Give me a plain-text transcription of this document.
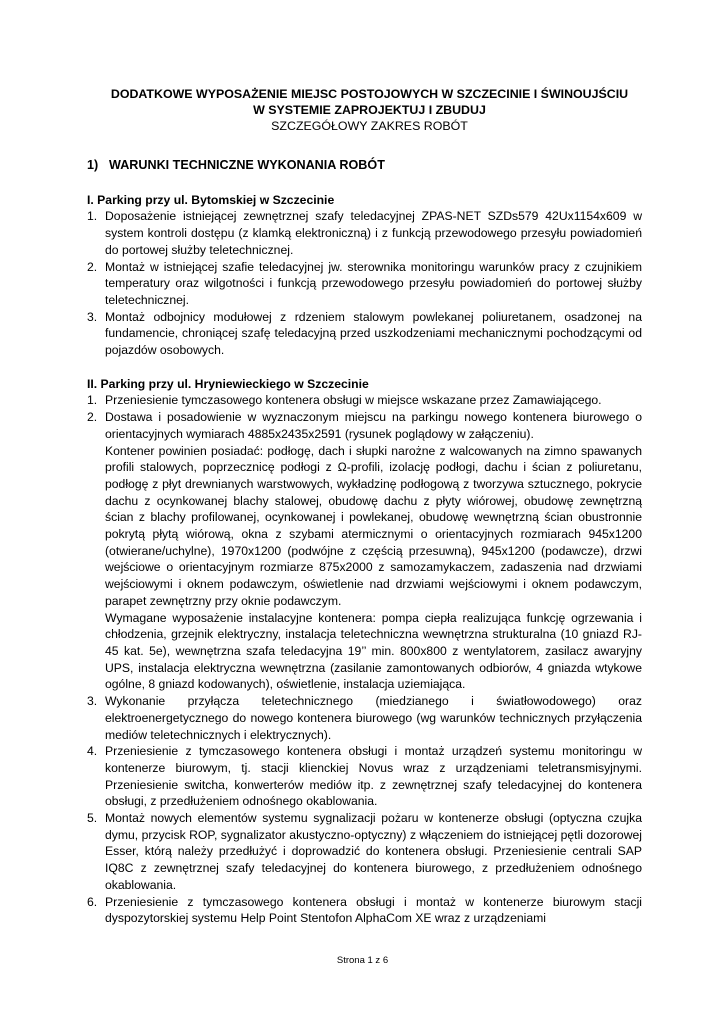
DODATKOWE WYPOSAŻENIE MIEJSC POSTOJOWYCH W SZCZECINIE I ŚWINOUJŚCIU
W SYSTEMIE ZAPROJEKTUJ I ZBUDUJ
SZCZEGÓŁOWY ZAKRES ROBÓT
1) WARUNKI TECHNICZNE WYKONANIA ROBÓT
I. Parking przy ul. Bytomskiej w Szczecinie
1. Doposażenie istniejącej zewnętrznej szafy teledacyjnej ZPAS-NET SZDs579 42Ux1154x609 w system kontroli dostępu (z klamką elektroniczną) i z funkcją przewodowego przesyłu powiadomień do portowej służby teletechnicznej.
2. Montaż w istniejącej szafie teledacyjnej jw. sterownika monitoringu warunków pracy z czujnikiem temperatury oraz wilgotności i funkcją przewodowego przesyłu powiadomień do portowej służby teletechnicznej.
3. Montaż odbojnicy modułowej z rdzeniem stalowym powlekanej poliuretanem, osadzonej na fundamencie, chroniącej szafę teledacyjną przed uszkodzeniami mechanicznymi pochodzącymi od pojazdów osobowych.
II. Parking przy ul. Hryniewieckiego w Szczecinie
1. Przeniesienie tymczasowego kontenera obsługi w miejsce wskazane przez Zamawiającego.
2. Dostawa i posadowienie w wyznaczonym miejscu na parkingu nowego kontenera biurowego o orientacyjnych wymiarach 4885x2435x2591 (rysunek poglądowy w załączeniu).
Kontener powinien posiadać: podłogę, dach i słupki narożne z walcowanych na zimno spawanych profili stalowych, poprzecznicę podłogi z Ω-profili, izolację podłogi, dachu i ścian z poliuretanu, podłogę z płyt drewnianych warstwowych, wykładzinę podłogową z tworzywa sztucznego, pokrycie dachu z ocynkowanej blachy stalowej, obudowę dachu z płyty wiórowej, obudowę zewnętrzną ścian z blachy profilowanej, ocynkowanej i powlekanej, obudowę wewnętrzną ścian obustronnie pokrytą płytą wiórową, okna z szybami atermicznymi o orientacyjnych rozmiarach 945x1200 (otwierane/uchylne), 1970x1200 (podwójne z częścią przesuwną), 945x1200 (podawcze), drzwi wejściowe o orientacyjnym rozmiarze 875x2000 z samozamykaczem, zadaszenia nad drzwiami wejściowymi i oknem podawczym, oświetlenie nad drzwiami wejściowymi i oknem podawczym, parapet zewnętrzny przy oknie podawczym.
Wymagane wyposażenie instalacyjne kontenera: pompa ciepła realizująca funkcję ogrzewania i chłodzenia, grzejnik elektryczny, instalacja teletechniczna wewnętrzna strukturalna (10 gniazd RJ-45 kat. 5e), wewnętrzna szafa teledacyjna 19’’ min. 800x800 z wentylatorem, zasilacz awaryjny UPS, instalacja elektryczna wewnętrzna (zasilanie zamontowanych odbiorów, 4 gniazda wtykowe ogólne, 8 gniazd kodowanych), oświetlenie, instalacja uziemiająca.
3. Wykonanie przyłącza teletechnicznego (miedzianego i światłowodowego) oraz elektroenergetycznego do nowego kontenera biurowego (wg warunków technicznych przyłączenia mediów teletechnicznych i elektrycznych).
4. Przeniesienie z tymczasowego kontenera obsługi i montaż urządzeń systemu monitoringu w kontenerze biurowym, tj. stacji klienckiej Novus wraz z urządzeniami teletransmisyjnymi. Przeniesienie switcha, konwerterów mediów itp. z zewnętrznej szafy teledacyjnej do kontenera obsługi, z przedłużeniem odnośnego okablowania.
5. Montaż nowych elementów systemu sygnalizacji pożaru w kontenerze obsługi (optyczna czujka dymu, przycisk ROP, sygnalizator akustyczno-optyczny) z włączeniem do istniejącej pętli dozorowej Esser, którą należy przedłużyć i doprowadzić do kontenera obsługi. Przeniesienie centrali SAP IQ8C z zewnętrznej szafy teledacyjnej do kontenera biurowego, z przedłużeniem odnośnego okablowania.
6. Przeniesienie z tymczasowego kontenera obsługi i montaż w kontenerze biurowym stacji dyspozytorskiej systemu Help Point Stentofon AlphaCom XE wraz z urządzeniami
Strona 1 z 6
